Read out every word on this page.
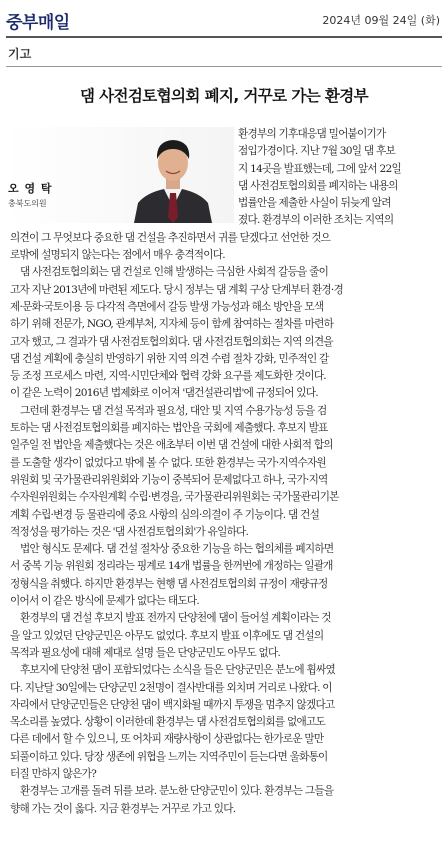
중부매일	2024년 09월 24일 (화)
기고
댐 사전검토협의회 폐지, 거꾸로 가는 환경부
오 영 탁
충북도의원
환경부의 기후대응댐 밀어붙이기가
점입가경이다. 지난 7월 30일 댐 후보
지 14곳을 발표했는데, 그에 앞서 22일
댐 사전검토협의회를 폐지하는 내용의
법률안을 제출한 사실이 뒤늦게 알려
졌다. 환경부의 이러한 조치는 지역의
의견이 그 무엇보다 중요한 댐 건설을 추진하면서 귀를 닫겠다고 선언한 것으
로밖에 설명되지 않는다는 점에서 매우 충격적이다.
댐 사전검토협의회는 댐 건설로 인해 발생하는 극심한 사회적 갈등을 줄이
고자 지난 2013년에 마련된 제도다. 당시 정부는 댐 계획 구상 단계부터 환경·경
제·문화·국토이용 등 다각적 측면에서 갈등 발생 가능성과 해소 방안을 모색
하기 위해 전문가, NGO, 관계부처, 지자체 등이 함께 참여하는 절차를 마련하
고자 했고, 그 결과가 댐 사전검토협의회다. 댐 사전검토협의회는 지역 의견을
댐 건설 계획에 충실히 반영하기 위한 지역 의견 수렴 절차 강화, 민주적인 갈
등 조정 프로세스 마련, 지역·시민단체와 협력 강화 요구를 제도화한 것이다.
이 같은 노력이 2016년 법제화로 이어져 '댐건설관리법'에 규정되어 있다.
그런데 환경부는 댐 건설 목적과 필요성, 대안 및 지역 수용가능성 등을 검
토하는 댐 사전검토협의회를 폐지하는 법안을 국회에 제출했다. 후보지 발표
일주일 전 법안을 제출했다는 것은 애초부터 이번 댐 건설에 대한 사회적 합의
를 도출할 생각이 없었다고 밖에 볼 수 없다. 또한 환경부는 국가·지역수자원
위원회 및 국가물관리위원회와 기능이 중복되어 문제없다고 하나, 국가·지역
수자원위원회는 수자원계획 수립·변경을, 국가물관리위원회는 국가물관리기본
계획 수립·변경 등 물관리에 중요 사항의 심의·의결이 주 기능이다. 댐 건설
적정성을 평가하는 것은 '댐 사전검토협의회'가 유일하다.
법안 형식도 문제다. 댐 건설 절차상 중요한 기능을 하는 협의체를 폐지하면
서 중복 기능 위원회 정리라는 핑계로 14개 법률을 한꺼번에 개정하는 일괄개
정형식을 취했다. 하지만 환경부는 현행 댐 사전검토협의회 규정이 재량규정
이어서 이 같은 방식에 문제가 없다는 태도다.
환경부의 댐 건설 후보지 발표 전까지 단양천에 댐이 들어설 계획이라는 것
을 알고 있었던 단양군민은 아무도 없었다. 후보지 발표 이후에도 댐 건설의
목적과 필요성에 대해 제대로 설명 들은 단양군민도 아무도 없다.
후보지에 단양천 댐이 포함되었다는 소식을 들은 단양군민은 분노에 휩싸였
다. 지난달 30일에는 단양군민 2천명이 결사반대를 외치며 거리로 나왔다. 이
자리에서 단양군민들은 단양천 댐이 백지화될 때까지 투쟁을 멈추지 않겠다고
목소리를 높였다. 상황이 이러한데 환경부는 댐 사전검토협의회를 없애고도
다른 데에서 할 수 있으니, 또 어차피 재량사항이 상관없다는 한가로운 말만
되풀이하고 있다. 당장 생존에 위협을 느끼는 지역주민이 듣는다면 울화통이
터질 만하지 않은가?
환경부는 고개를 돌려 뒤를 보라. 분노한 단양군민이 있다. 환경부는 그들을
향해 가는 것이 옳다. 지금 환경부는 거꾸로 가고 있다.
